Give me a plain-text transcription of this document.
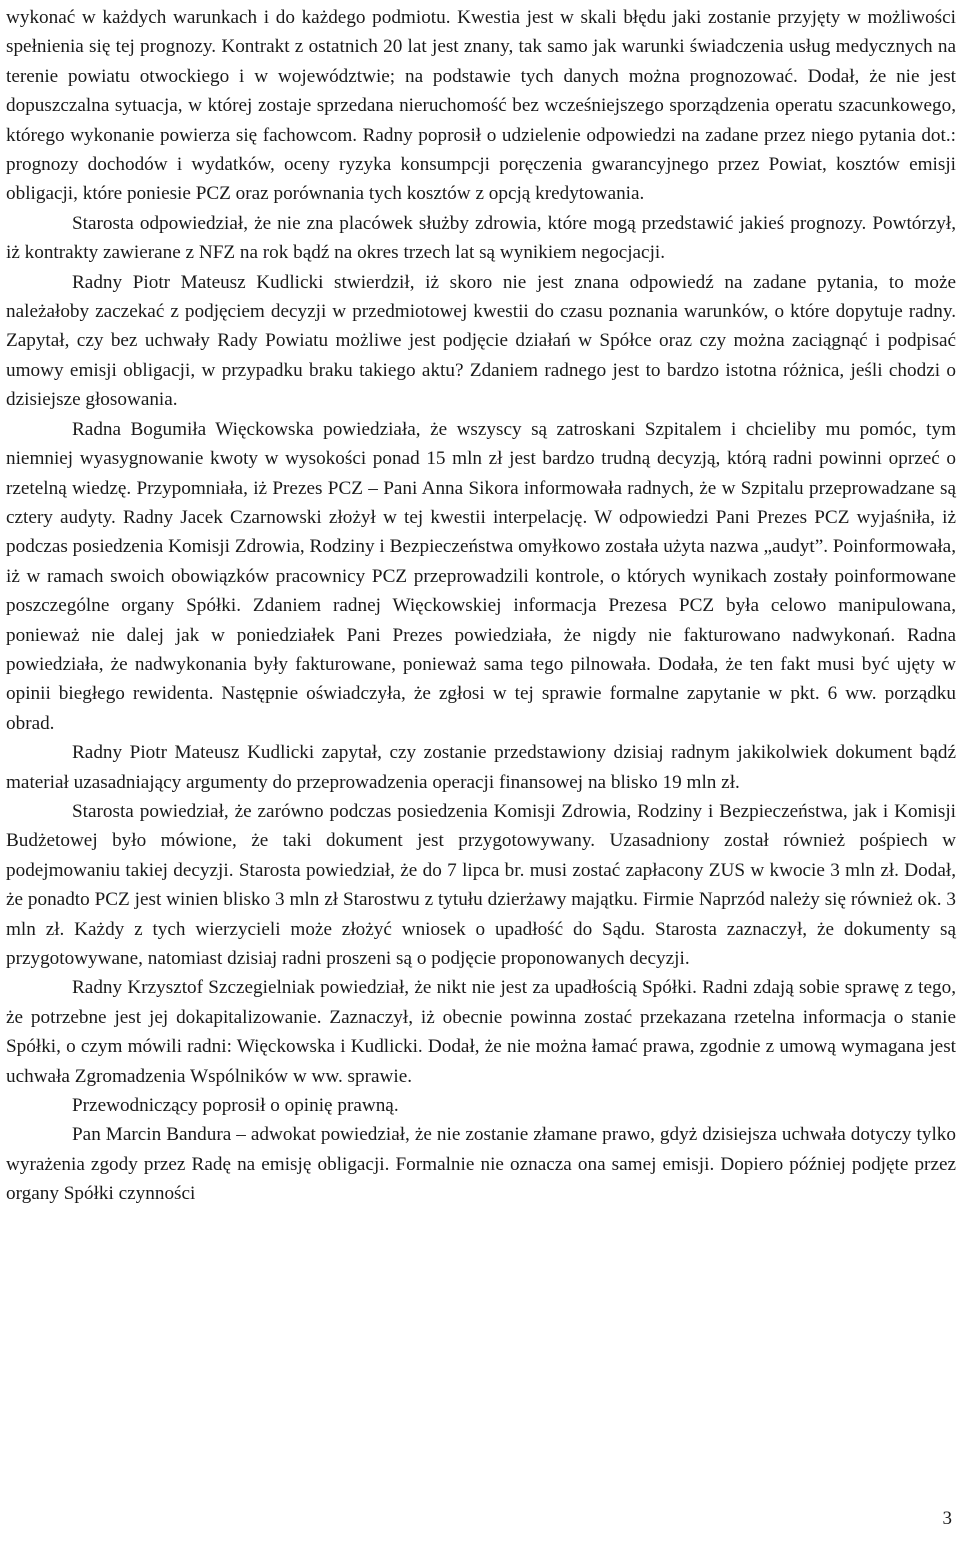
wykonać w każdych warunkach i do każdego podmiotu. Kwestia jest w skali błędu jaki zostanie przyjęty w możliwości spełnienia się tej prognozy. Kontrakt z ostatnich 20 lat jest znany, tak samo jak warunki świadczenia usług medycznych na terenie powiatu otwockiego i w województwie; na podstawie tych danych można prognozować. Dodał, że nie jest dopuszczalna sytuacja, w której zostaje sprzedana nieruchomość bez wcześniejszego sporządzenia operatu szacunkowego, którego wykonanie powierza się fachowcom. Radny poprosił o udzielenie odpowiedzi na zadane przez niego pytania dot.: prognozy dochodów i wydatków, oceny ryzyka konsumpcji poręczenia gwarancyjnego przez Powiat, kosztów emisji obligacji, które poniesie PCZ oraz porównania tych kosztów z opcją kredytowania.

Starosta odpowiedział, że nie zna placówek służby zdrowia, które mogą przedstawić jakieś prognozy. Powtórzył, iż kontrakty zawierane z NFZ na rok bądź na okres trzech lat są wynikiem negocjacji.

Radny Piotr Mateusz Kudlicki stwierdził, iż skoro nie jest znana odpowiedź na zadane pytania, to może należałoby zaczekać z podjęciem decyzji w przedmiotowej kwestii do czasu poznania warunków, o które dopytuje radny. Zapytał, czy bez uchwały Rady Powiatu możliwe jest podjęcie działań w Spółce oraz czy można zaciągnąć i podpisać umowy emisji obligacji, w przypadku braku takiego aktu? Zdaniem radnego jest to bardzo istotna różnica, jeśli chodzi o dzisiejsze głosowania.

Radna Bogumiła Więckowska powiedziała, że wszyscy są zatroskani Szpitalem i chcieliby mu pomóc, tym niemniej wyasygnowanie kwoty w wysokości ponad 15 mln zł jest bardzo trudną decyzją, którą radni powinni oprzeć o rzetelną wiedzę. Przypomniała, iż Prezes PCZ – Pani Anna Sikora informowała radnych, że w Szpitalu przeprowadzane są cztery audyty. Radny Jacek Czarnowski złożył w tej kwestii interpelację. W odpowiedzi Pani Prezes PCZ wyjaśniła, iż podczas posiedzenia Komisji Zdrowia, Rodziny i Bezpieczeństwa omyłkowo została użyta nazwa „audyt”. Poinformowała, iż w ramach swoich obowiązków pracownicy PCZ przeprowadzili kontrole, o których wynikach zostały poinformowane poszczególne organy Spółki. Zdaniem radnej Więckowskiej informacja Prezesa PCZ była celowo manipulowana, ponieważ nie dalej jak w poniedziałek Pani Prezes powiedziała, że nigdy nie fakturowano nadwykonań. Radna powiedziała, że nadwykonania były fakturowane, ponieważ sama tego pilnowała. Dodała, że ten fakt musi być ujęty w opinii biegłego rewidenta. Następnie oświadczyła, że zgłosi w tej sprawie formalne zapytanie w pkt. 6 ww. porządku obrad.

Radny Piotr Mateusz Kudlicki zapytał, czy zostanie przedstawiony dzisiaj radnym jakikolwiek dokument bądź materiał uzasadniający argumenty do przeprowadzenia operacji finansowej na blisko 19 mln zł.

Starosta powiedział, że zarówno podczas posiedzenia Komisji Zdrowia, Rodziny i Bezpieczeństwa, jak i Komisji Budżetowej było mówione, że taki dokument jest przygotowywany. Uzasadniony został również pośpiech w podejmowaniu takiej decyzji. Starosta powiedział, że do 7 lipca br. musi zostać zapłacony ZUS w kwocie 3 mln zł. Dodał, że ponadto PCZ jest winien blisko 3 mln zł Starostwu z tytułu dzierżawy majątku. Firmie Naprzód należy się również ok. 3 mln zł. Każdy z tych wierzycieli może złożyć wniosek o upadłość do Sądu. Starosta zaznaczył, że dokumenty są przygotowywane, natomiast dzisiaj radni proszeni są o podjęcie proponowanych decyzji.

Radny Krzysztof Szczegielniak powiedział, że nikt nie jest za upadłością Spółki. Radni zdają sobie sprawę z tego, że potrzebne jest jej dokapitalizowanie. Zaznaczył, iż obecnie powinna zostać przekazana rzetelna informacja o stanie Spółki, o czym mówili radni: Więckowska i Kudlicki. Dodał, że nie można łamać prawa, zgodnie z umową wymagana jest uchwała Zgromadzenia Wspólników w ww. sprawie.

Przewodniczący poprosił o opinię prawną.

Pan Marcin Bandura – adwokat powiedział, że nie zostanie złamane prawo, gdyż dzisiejsza uchwała dotyczy tylko wyrażenia zgody przez Radę na emisję obligacji. Formalnie nie oznacza ona samej emisji. Dopiero później podjęte przez organy Spółki czynności

3
